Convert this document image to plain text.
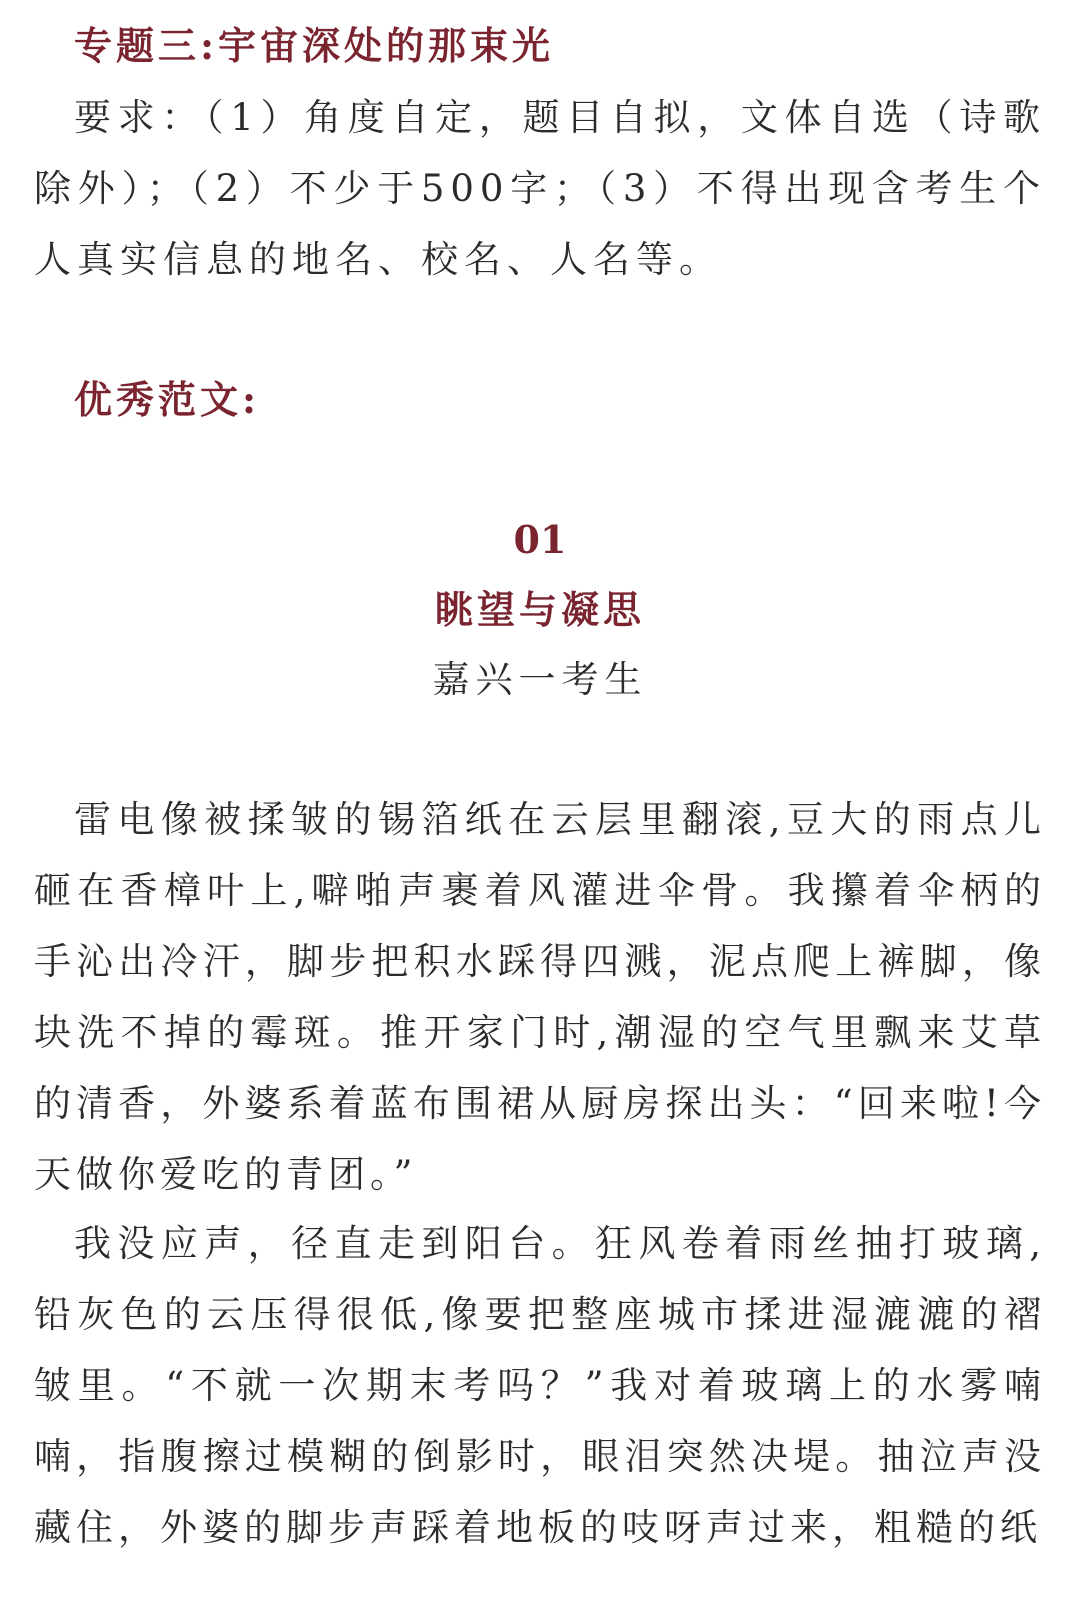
专题三:宇宙深处的那束光
要求：（1）角度自定，题目自拟，文体自选（诗歌除外）；（2）不少于500字；（3）不得出现含考生个人真实信息的地名、校名、人名等。
优秀范文:
01
眺望与凝思
嘉兴一考生

雷电像被揉皱的锡箔纸在云层里翻滚,豆大的雨点儿砸在香樟叶上,噼啪声裹着风灌进伞骨。我攥着伞柄的手沁出冷汗，脚步把积水踩得四溅，泥点爬上裤脚，像块洗不掉的霉斑。推开家门时,潮湿的空气里飘来艾草的清香，外婆系着蓝布围裙从厨房探出头：“回来啦!今天做你爱吃的青团。”

我没应声，径直走到阳台。狂风卷着雨丝抽打玻璃,铅灰色的云压得很低,像要把整座城市揉进湿漉漉的褶皱里。“不就一次期末考吗？”我对着玻璃上的水雾喃喃，指腹擦过模糊的倒影时，眼泪突然决堤。抽泣声没藏住，外婆的脚步声踩着地板的吱呀声过来，粗糙的纸
